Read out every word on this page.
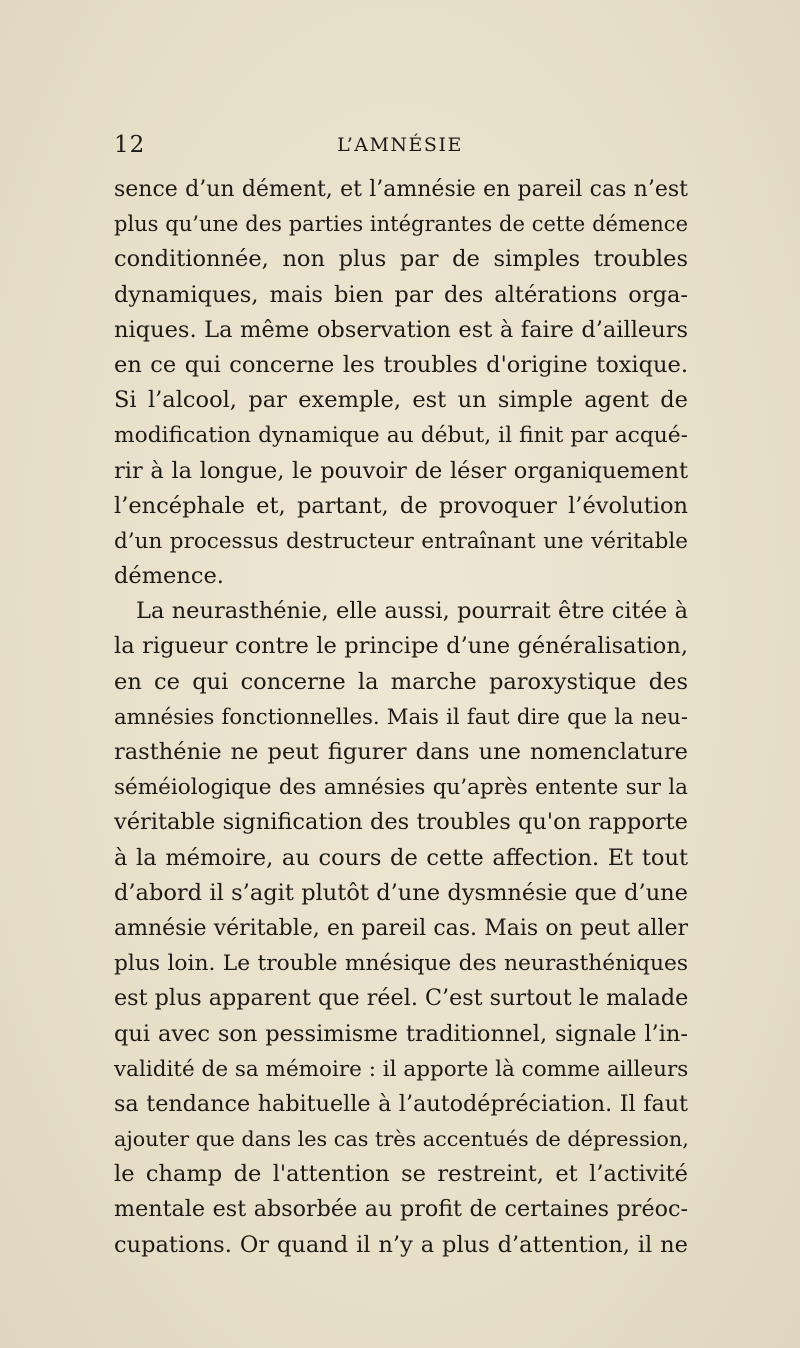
12	L’AMNÉSIE
sence d’un dément, et l’amnésie en pareil cas n’est
plus qu’une des parties intégrantes de cette démence
conditionnée, non plus par de simples troubles
dynamiques, mais bien par des altérations orga-
niques. La même observation est à faire d’ailleurs
en ce qui concerne les troubles d'origine toxique.
Si l’alcool, par exemple, est un simple agent de
modification dynamique au début, il finit par acqué-
rir à la longue, le pouvoir de léser organiquement
l’encéphale et, partant, de provoquer l’évolution
d’un processus destructeur entraînant une véritable
démence.
La neurasthénie, elle aussi, pourrait être citée à
la rigueur contre le principe d’une généralisation,
en ce qui concerne la marche paroxystique des
amnésies fonctionnelles. Mais il faut dire que la neu-
rasthénie ne peut figurer dans une nomenclature
séméiologique des amnésies qu’après entente sur la
véritable signification des troubles qu'on rapporte
à la mémoire, au cours de cette affection. Et tout
d’abord il s’agit plutôt d’une dysmnésie que d’une
amnésie véritable, en pareil cas. Mais on peut aller
plus loin. Le trouble mnésique des neurasthéniques
est plus apparent que réel. C’est surtout le malade
qui avec son pessimisme traditionnel, signale l’in-
validité de sa mémoire : il apporte là comme ailleurs
sa tendance habituelle à l’autodépréciation. Il faut
ajouter que dans les cas très accentués de dépression,
le champ de l'attention se restreint, et l’activité
mentale est absorbée au profit de certaines préoc-
cupations. Or quand il n’y a plus d’attention, il ne
